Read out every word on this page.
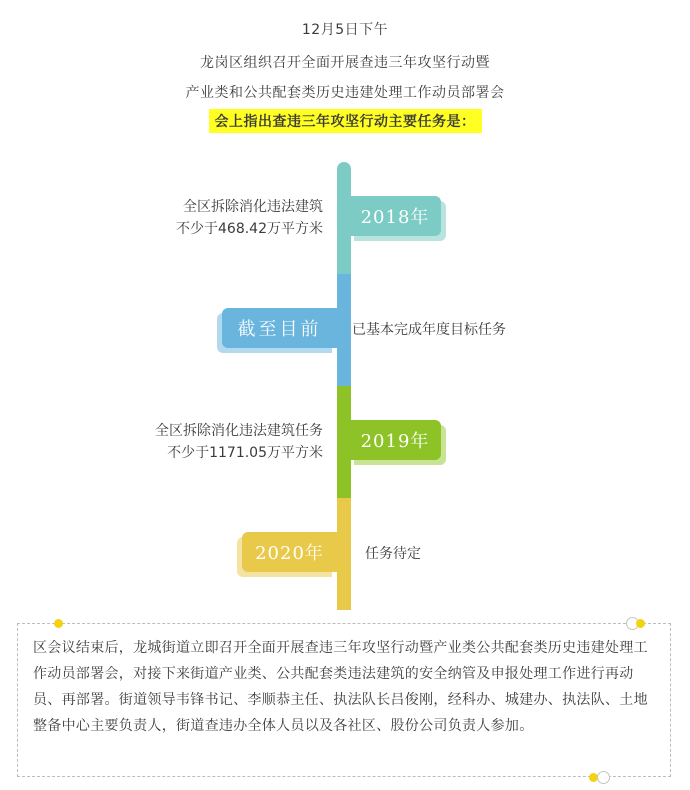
12月5日下午
龙岗区组织召开全面开展查违三年攻坚行动暨
产业类和公共配套类历史违建处理工作动员部署会
会上指出查违三年攻坚行动主要任务是：
2018年
截至目前
2019年
2020年
全区拆除消化违法建筑
不少于468.42万平方米
已基本完成年度目标任务
全区拆除消化违法建筑任务
不少于1171.05万平方米
任务待定
区会议结束后，龙城街道立即召开全面开展查违三年攻坚行动暨产业类公共配套类历史违建处理工作动员部署会，对接下来街道产业类、公共配套类违法建筑的安全纳管及申报处理工作进行再动员、再部署。街道领导韦锋书记、李顺恭主任、执法队长吕俊刚，经科办、城建办、执法队、土地整备中心主要负责人，街道查违办全体人员以及各社区、股份公司负责人参加。
